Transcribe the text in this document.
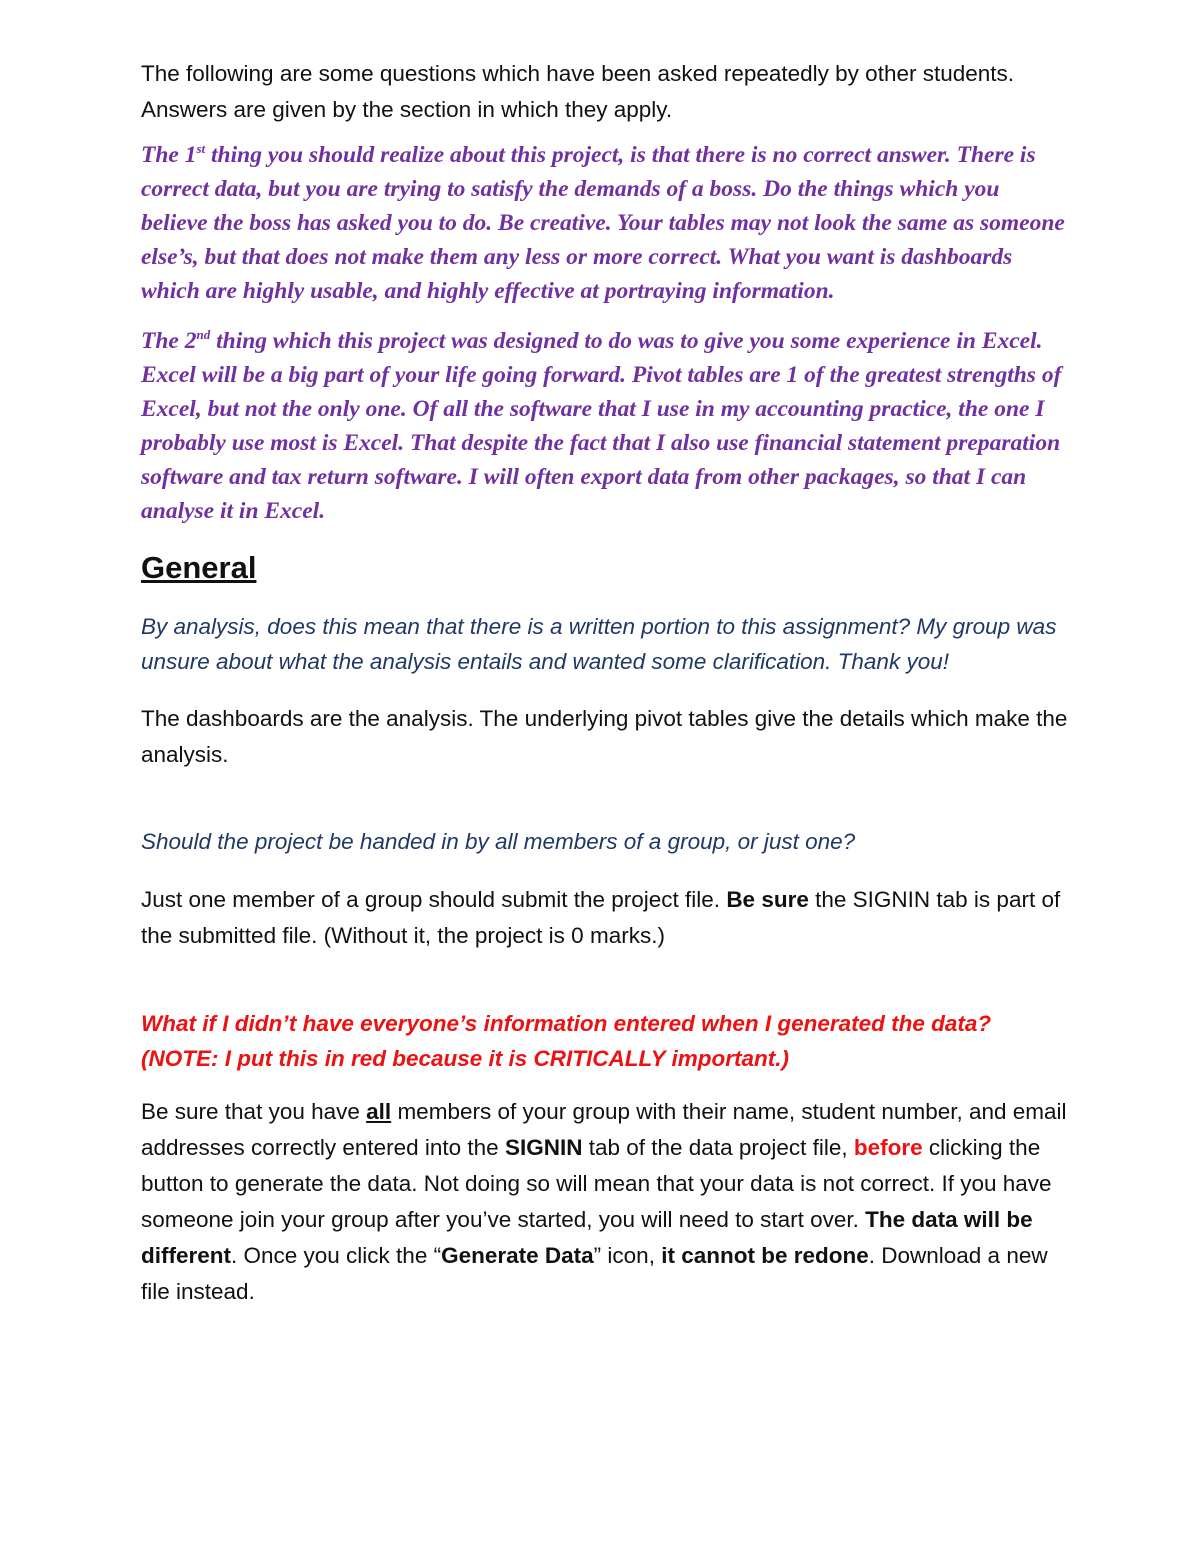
The following are some questions which have been asked repeatedly by other students. Answers are given by the section in which they apply.

The 1st thing you should realize about this project, is that there is no correct answer. There is correct data, but you are trying to satisfy the demands of a boss. Do the things which you believe the boss has asked you to do. Be creative. Your tables may not look the same as someone else’s, but that does not make them any less or more correct. What you want is dashboards which are highly usable, and highly effective at portraying information.

The 2nd thing which this project was designed to do was to give you some experience in Excel. Excel will be a big part of your life going forward. Pivot tables are 1 of the greatest strengths of Excel, but not the only one. Of all the software that I use in my accounting practice, the one I probably use most is Excel. That despite the fact that I also use financial statement preparation software and tax return software. I will often export data from other packages, so that I can analyse it in Excel.

General

By analysis, does this mean that there is a written portion to this assignment? My group was unsure about what the analysis entails and wanted some clarification. Thank you!

The dashboards are the analysis. The underlying pivot tables give the details which make the analysis.

Should the project be handed in by all members of a group, or just one?

Just one member of a group should submit the project file. Be sure the SIGNIN tab is part of the submitted file. (Without it, the project is 0 marks.)

What if I didn’t have everyone’s information entered when I generated the data? (NOTE: I put this in red because it is CRITICALLY important.)

Be sure that you have all members of your group with their name, student number, and email addresses correctly entered into the SIGNIN tab of the data project file, before clicking the button to generate the data. Not doing so will mean that your data is not correct. If you have someone join your group after you’ve started, you will need to start over. The data will be different. Once you click the “Generate Data” icon, it cannot be redone. Download a new file instead.
